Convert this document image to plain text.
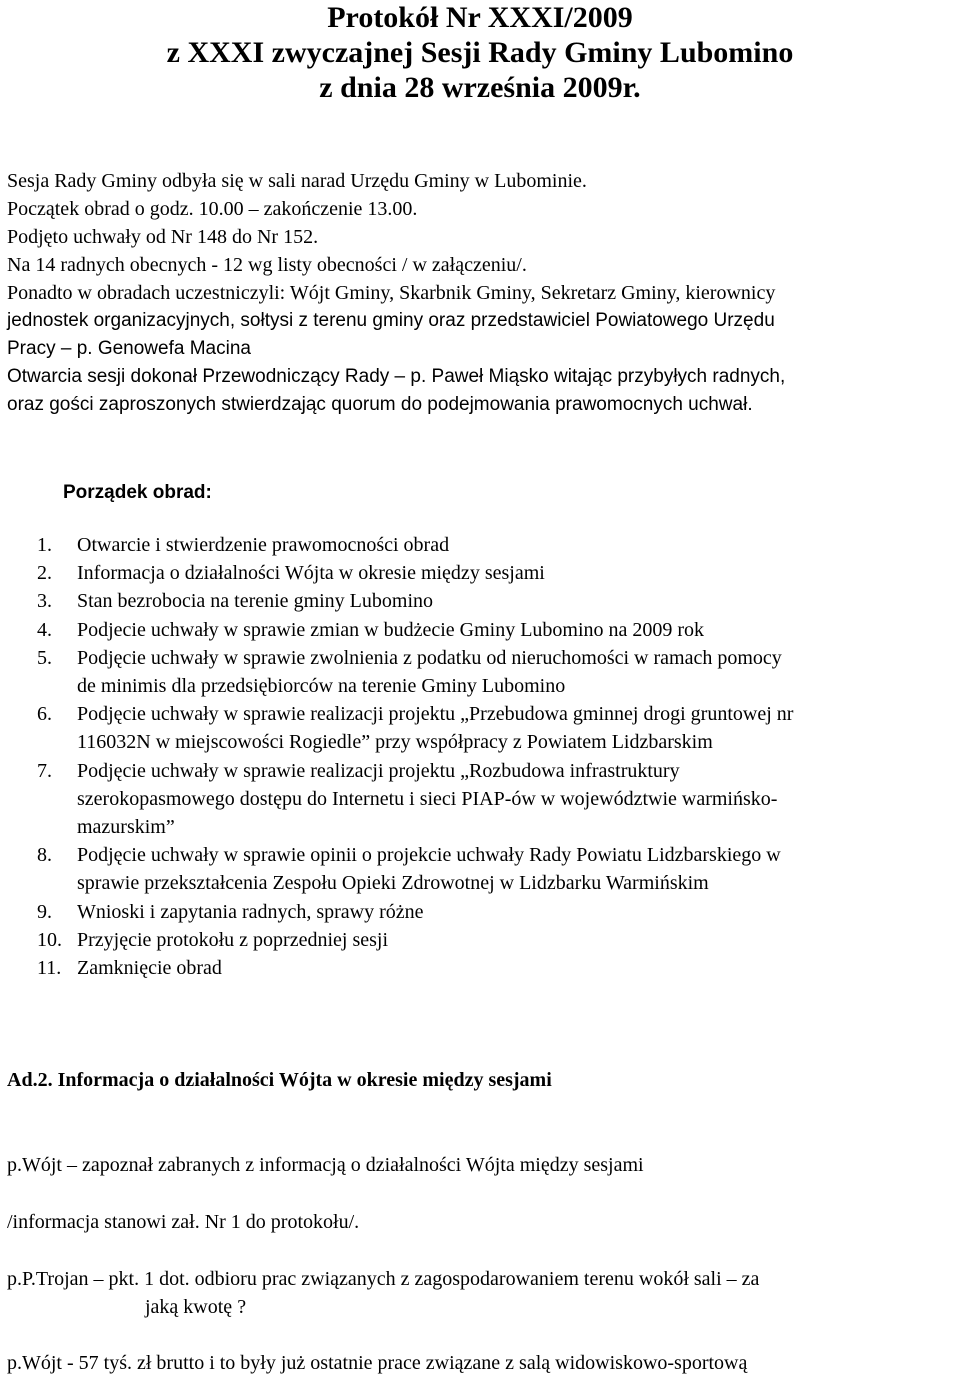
Protokół Nr XXXI/2009
z XXXI zwyczajnej Sesji Rady Gminy Lubomino
z dnia 28 września 2009r.
Sesja Rady Gminy odbyła się w sali narad Urzędu Gminy w Lubominie.
Początek obrad o godz. 10.00 – zakończenie 13.00.
Podjęto uchwały od Nr 148 do Nr 152.
Na 14 radnych obecnych - 12 wg listy obecności / w załączeniu/.
Ponadto w obradach uczestniczyli: Wójt Gminy, Skarbnik Gminy, Sekretarz Gminy, kierownicy
jednostek organizacyjnych, sołtysi z terenu gminy oraz przedstawiciel Powiatowego Urzędu
Pracy – p. Genowefa Macina
Otwarcia sesji dokonał Przewodniczący Rady – p. Paweł Miąsko witając przybyłych radnych,
oraz gości zaproszonych stwierdzając quorum do podejmowania prawomocnych uchwał.
Porządek obrad:
1. Otwarcie i stwierdzenie prawomocności obrad
2. Informacja o działalności Wójta w okresie między sesjami
3. Stan bezrobocia na terenie gminy Lubomino
4. Podjecie uchwały w sprawie zmian w budżecie Gminy Lubomino na 2009 rok
5. Podjęcie uchwały w sprawie zwolnienia z podatku od nieruchomości w ramach pomocy
de minimis dla przedsiębiorców na terenie Gminy Lubomino
6. Podjęcie uchwały w sprawie realizacji projektu „Przebudowa gminnej drogi gruntowej nr
116032N w miejscowości Rogiedle” przy współpracy z Powiatem Lidzbarskim
7. Podjęcie uchwały w sprawie realizacji projektu „Rozbudowa infrastruktury
szerokopasmowego dostępu do Internetu i sieci PIAP-ów w województwie warmińsko-
mazurskim”
8. Podjęcie uchwały w sprawie opinii o projekcie uchwały Rady Powiatu Lidzbarskiego w
sprawie przekształcenia Zespołu Opieki Zdrowotnej w Lidzbarku Warmińskim
9. Wnioski i zapytania radnych, sprawy różne
10. Przyjęcie protokołu z poprzedniej sesji
11. Zamknięcie obrad
Ad.2. Informacja o działalności Wójta w okresie między sesjami
p.Wójt – zapoznał zabranych z informacją o działalności Wójta między sesjami
/informacja stanowi zał. Nr 1 do protokołu/.
p.P.Trojan – pkt. 1 dot. odbioru prac związanych z zagospodarowaniem terenu wokół sali – za
jaką kwotę ?
p.Wójt - 57 tyś. zł brutto i to były już ostatnie prace związane z salą widowiskowo-sportową
